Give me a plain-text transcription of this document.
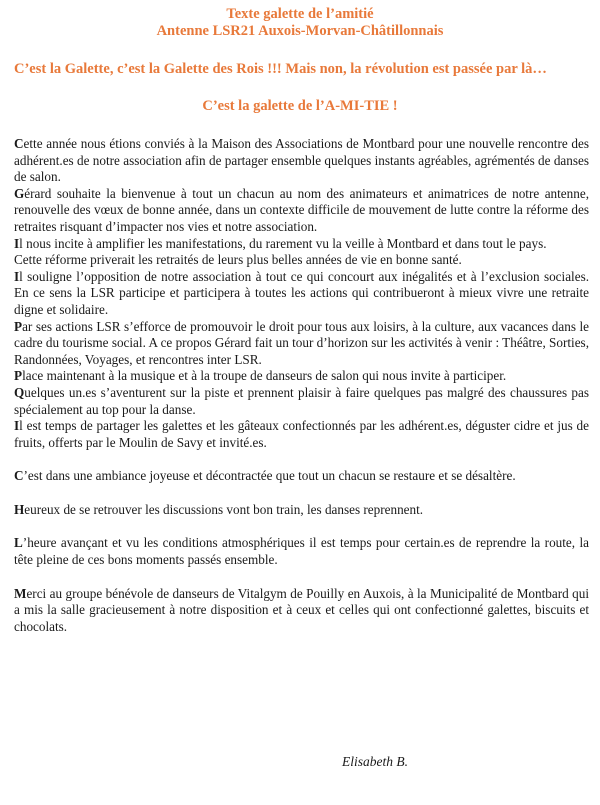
Texte galette de l’amitié

Antenne LSR21 Auxois-Morvan-Châtillonnais

C’est la Galette, c’est la Galette des Rois !!! Mais non, la révolution est passée par là…

C’est la galette de l’A-MI-TIE !

Cette année nous étions conviés à la Maison des Associations de Montbard pour une nouvelle rencontre des adhérent.es de notre association afin de partager ensemble quelques instants agréables, agrémentés de danses de salon.

Gérard souhaite la bienvenue à tout un chacun au nom des animateurs et animatrices de notre antenne, renouvelle des vœux de bonne année, dans un contexte difficile de mouvement de lutte contre la réforme des retraites risquant d’impacter nos vies et notre association.

Il nous incite à amplifier les manifestations, du rarement vu la veille à Montbard et dans tout le pays.

Cette réforme priverait les retraités de leurs plus belles années de vie en bonne santé.

Il souligne l’opposition de notre association à tout ce qui concourt aux inégalités et à l’exclusion sociales. En ce sens la LSR participe et participera à toutes les actions qui contribueront à mieux vivre une retraite digne et solidaire.

Par ses actions LSR s’efforce de promouvoir le droit pour tous aux loisirs, à la culture, aux vacances dans le cadre du tourisme social. A ce propos Gérard fait un tour d’horizon sur les activités à venir : Théâtre, Sorties, Randonnées, Voyages, et rencontres inter LSR.

Place maintenant à la musique et à la troupe de danseurs de salon qui nous invite à participer.

Quelques un.es s’aventurent sur la piste et prennent plaisir à faire quelques pas malgré des chaussures pas spécialement au top pour la danse.

Il est temps de partager les galettes et les gâteaux confectionnés par les adhérent.es, déguster cidre et jus de fruits, offerts par le Moulin de Savy et invité.es.

C’est dans une ambiance joyeuse et décontractée que tout un chacun se restaure et se désaltère.

Heureux de se retrouver les discussions vont bon train, les danses reprennent.

L’heure avançant et vu les conditions atmosphériques il est temps pour certain.es de reprendre la route, la tête pleine de ces bons moments passés ensemble.

Merci au groupe bénévole de danseurs de Vitalgym de Pouilly en Auxois, à la Municipalité de Montbard qui a mis la salle gracieusement à notre disposition et à ceux et celles qui ont confectionné galettes, biscuits et chocolats.

Elisabeth B.
